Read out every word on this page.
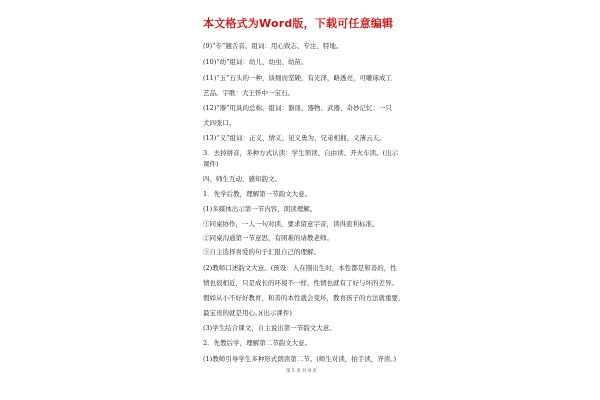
本文格式为Word版，下载可任意编辑
(9)“专”翘舌音。组词：用心致志、专注、特地。
(10)“幼”组词：幼儿、幼虫、幼苗。
(11)“玉”石头的一种，质细而坚硬，有光泽，略透亮，可雕琢成工
艺品。字歌：大王怀中一宝石。
(12)“器”用具的总称。组词：器皿、器物、武器、奇妙记忆：一只
犬四张口。
(13)“义”组词：正义、情义、见义勇为、兄弟相拥、义薄云天。
3．去掉拼音，多种方式认读：学生领读、自由读、开火车读。(出示
课件)
四、师生互动，感知韵文。
1．先学后教，理解第一节韵文大意。
(1)多媒体出示第一节内容，朗读理解。
①同桌协作，一人一句对读，要求留意字音，读得流利标准。
②同桌沟通第一节意思，有困难的请教老师。
③自主选择喜爱的句子汇报自己的理解。
(2)教师口述韵文大意。(预设：人在刚出生时，本性都是和善的，性
情也很相近，只是成长的环境不一样，性情也就有了好与坏的差异。
假如从小不好好教育，和善的本性就会变坏，教育孩子的方法就重要，
最宝贵的就是用心。)(出示课件)
(3)学生结合课文，自主说出第一节韵文大意。
2．先教后学，理解第二节韵文大意。
(1)教师引导学生多种形式朗读第二节。(师生对读，拍手读，齐读。)
第 5 页 共 9 页
